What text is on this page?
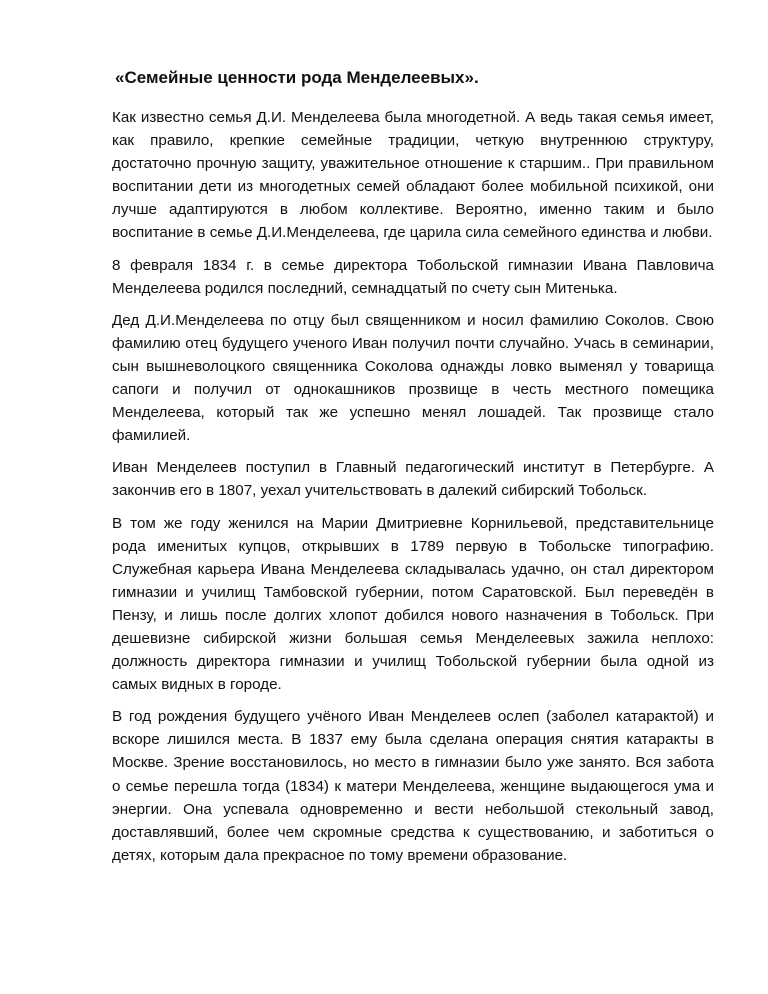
«Семейные ценности рода Менделеевых».

Как известно семья Д.И. Менделеева была многодетной. А ведь такая семья имеет, как правило, крепкие семейные традиции, четкую внутреннюю структуру, достаточно прочную защиту, уважительное отношение к старшим.. При правильном воспитании дети из многодетных семей обладают более мобильной психикой, они лучше адаптируются в любом коллективе. Вероятно, именно таким и было воспитание в семье Д.И.Менделеева, где царила сила семейного единства и любви.

8 февраля 1834 г. в семье директора Тобольской гимназии Ивана Павловича Менделеева родился последний, семнадцатый по счету сын Митенька.

Дед Д.И.Менделеева по отцу был священником и носил фамилию Соколов. Свою фамилию отец будущего ученого Иван получил почти случайно. Учась в семинарии, сын вышневолоцкого священника Соколова однажды ловко выменял у товарища сапоги и получил от однокашников прозвище в честь местного помещика Менделеева, который так же успешно менял лошадей. Так прозвище стало фамилией.

Иван Менделеев поступил в Главный педагогический институт в Петербурге. А закончив его в 1807, уехал учительствовать в далекий сибирский Тобольск.

В том же году женился на Марии Дмитриевне Корнильевой, представительнице рода именитых купцов, открывших в 1789 первую в Тобольске типографию. Служебная карьера Ивана Менделеева складывалась удачно, он стал директором гимназии и училищ Тамбовской губернии, потом Саратовской. Был переведён в Пензу, и лишь после долгих хлопот добился нового назначения в Тобольск. При дешевизне сибирской жизни большая семья Менделеевых зажила неплохо: должность директора гимназии и училищ Тобольской губернии была одной из самых видных в городе.

В год рождения будущего учёного Иван Менделеев ослеп (заболел катарактой) и вскоре лишился места. В 1837 ему была сделана операция снятия катаракты в Москве. Зрение восстановилось, но место в гимназии было уже занято. Вся забота о семье перешла тогда (1834) к матери Менделеева, женщине выдающегося ума и энергии. Она успевала одновременно и вести небольшой стекольный завод, доставлявший, более чем скромные средства к существованию, и заботиться о детях, которым дала прекрасное по тому времени образование.
